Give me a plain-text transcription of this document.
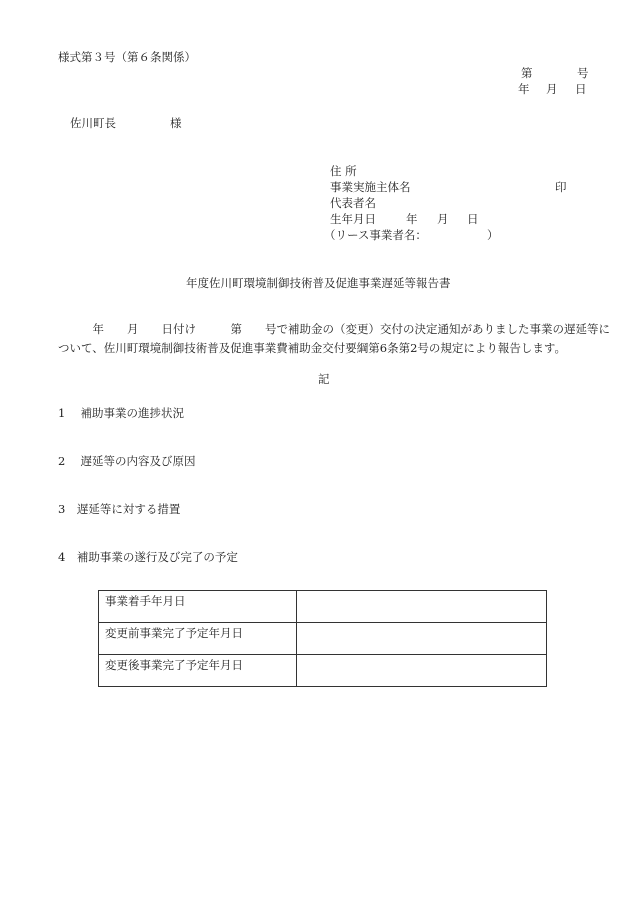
様式第３号（第６条関係）
第	号
年 月 日
佐川町長	様
住 所
事業実施主体名	印
代表者名
生年月日	年 月 日
（リース事業者名：	）
年度佐川町環境制御技術普及促進事業遅延等報告書

　　　年　　月　　日付け　　　第　　号で補助金の（変更）交付の決定通知がありました事業の遅延等に

ついて、佐川町環境制御技術普及促進事業費補助金交付要綱第6条第2号の規定により報告します。

記
1　 補助事業の進捗状況
2　 遅延等の内容及び原因
3　遅延等に対する措置
4　補助事業の遂行及び完了の予定
事業着手年月日	
変更前事業完了予定年月日	
変更後事業完了予定年月日	
